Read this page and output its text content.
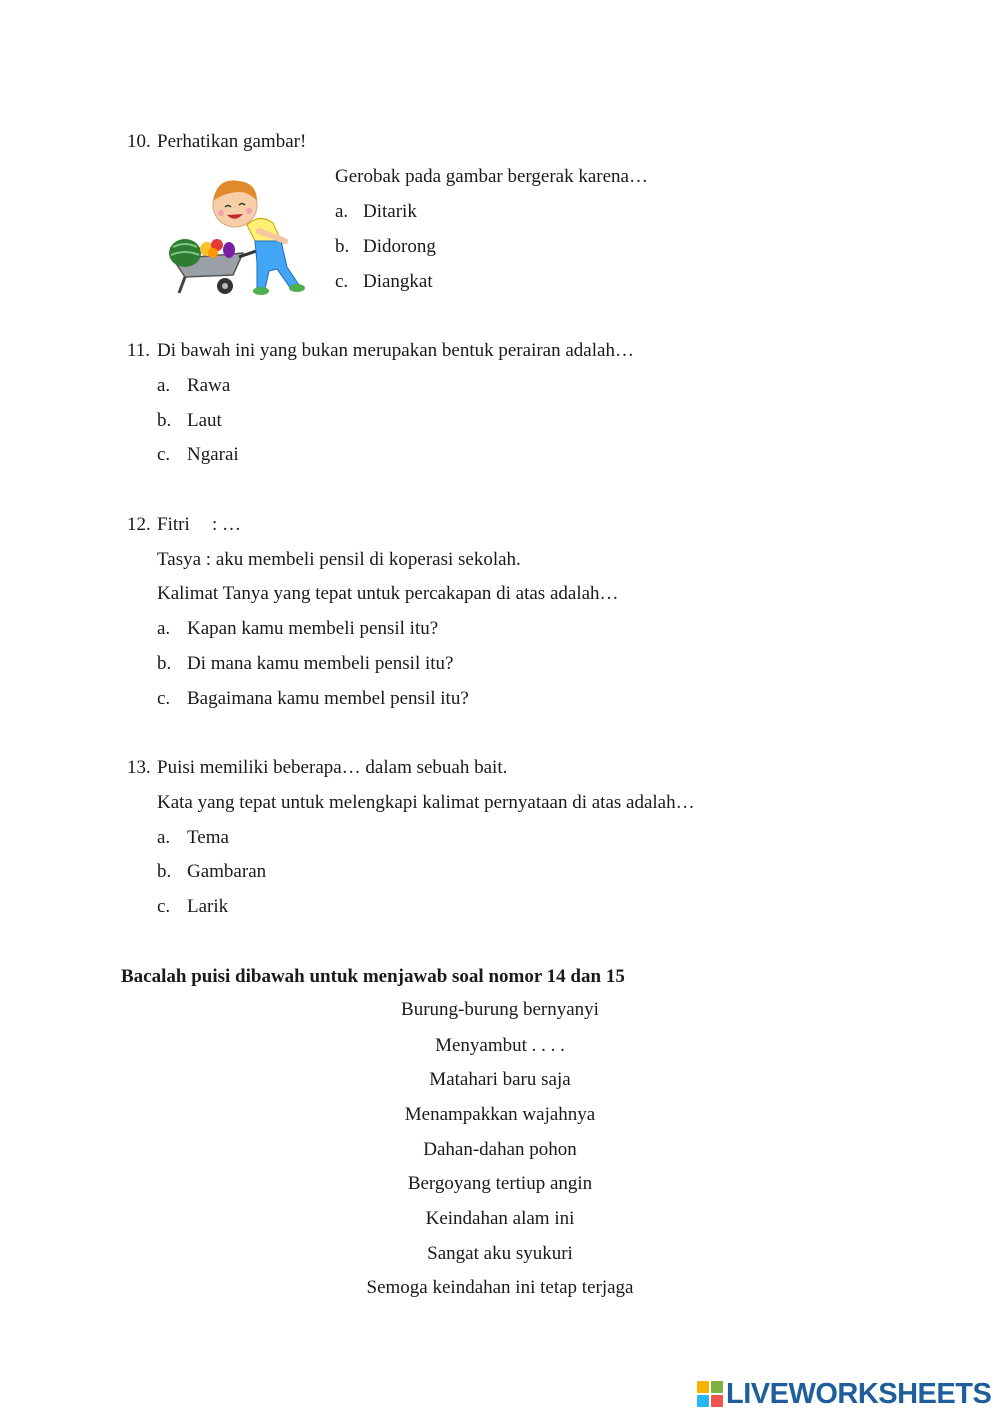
10. Perhatikan gambar!
Gerobak pada gambar bergerak karena…
a. Ditarik
b. Didorong
c. Diangkat
11. Di bawah ini yang bukan merupakan bentuk perairan adalah…
a. Rawa
b. Laut
c. Ngarai
12. Fitri : …
Tasya : aku membeli pensil di koperasi sekolah.
Kalimat Tanya yang tepat untuk percakapan di atas adalah…
a. Kapan kamu membeli pensil itu?
b. Di mana kamu membeli pensil itu?
c. Bagaimana kamu membel pensil itu?
13. Puisi memiliki beberapa… dalam sebuah bait.
Kata yang tepat untuk melengkapi kalimat pernyataan di atas adalah…
a. Tema
b. Gambaran
c. Larik
Bacalah puisi dibawah untuk menjawab soal nomor 14 dan 15
Burung-burung bernyanyi
Menyambut . . . .
Matahari baru saja
Menampakkan wajahnya
Dahan-dahan pohon
Bergoyang tertiup angin
Keindahan alam ini
Sangat aku syukuri
Semoga keindahan ini tetap terjaga
LIVEWORKSHEETS
